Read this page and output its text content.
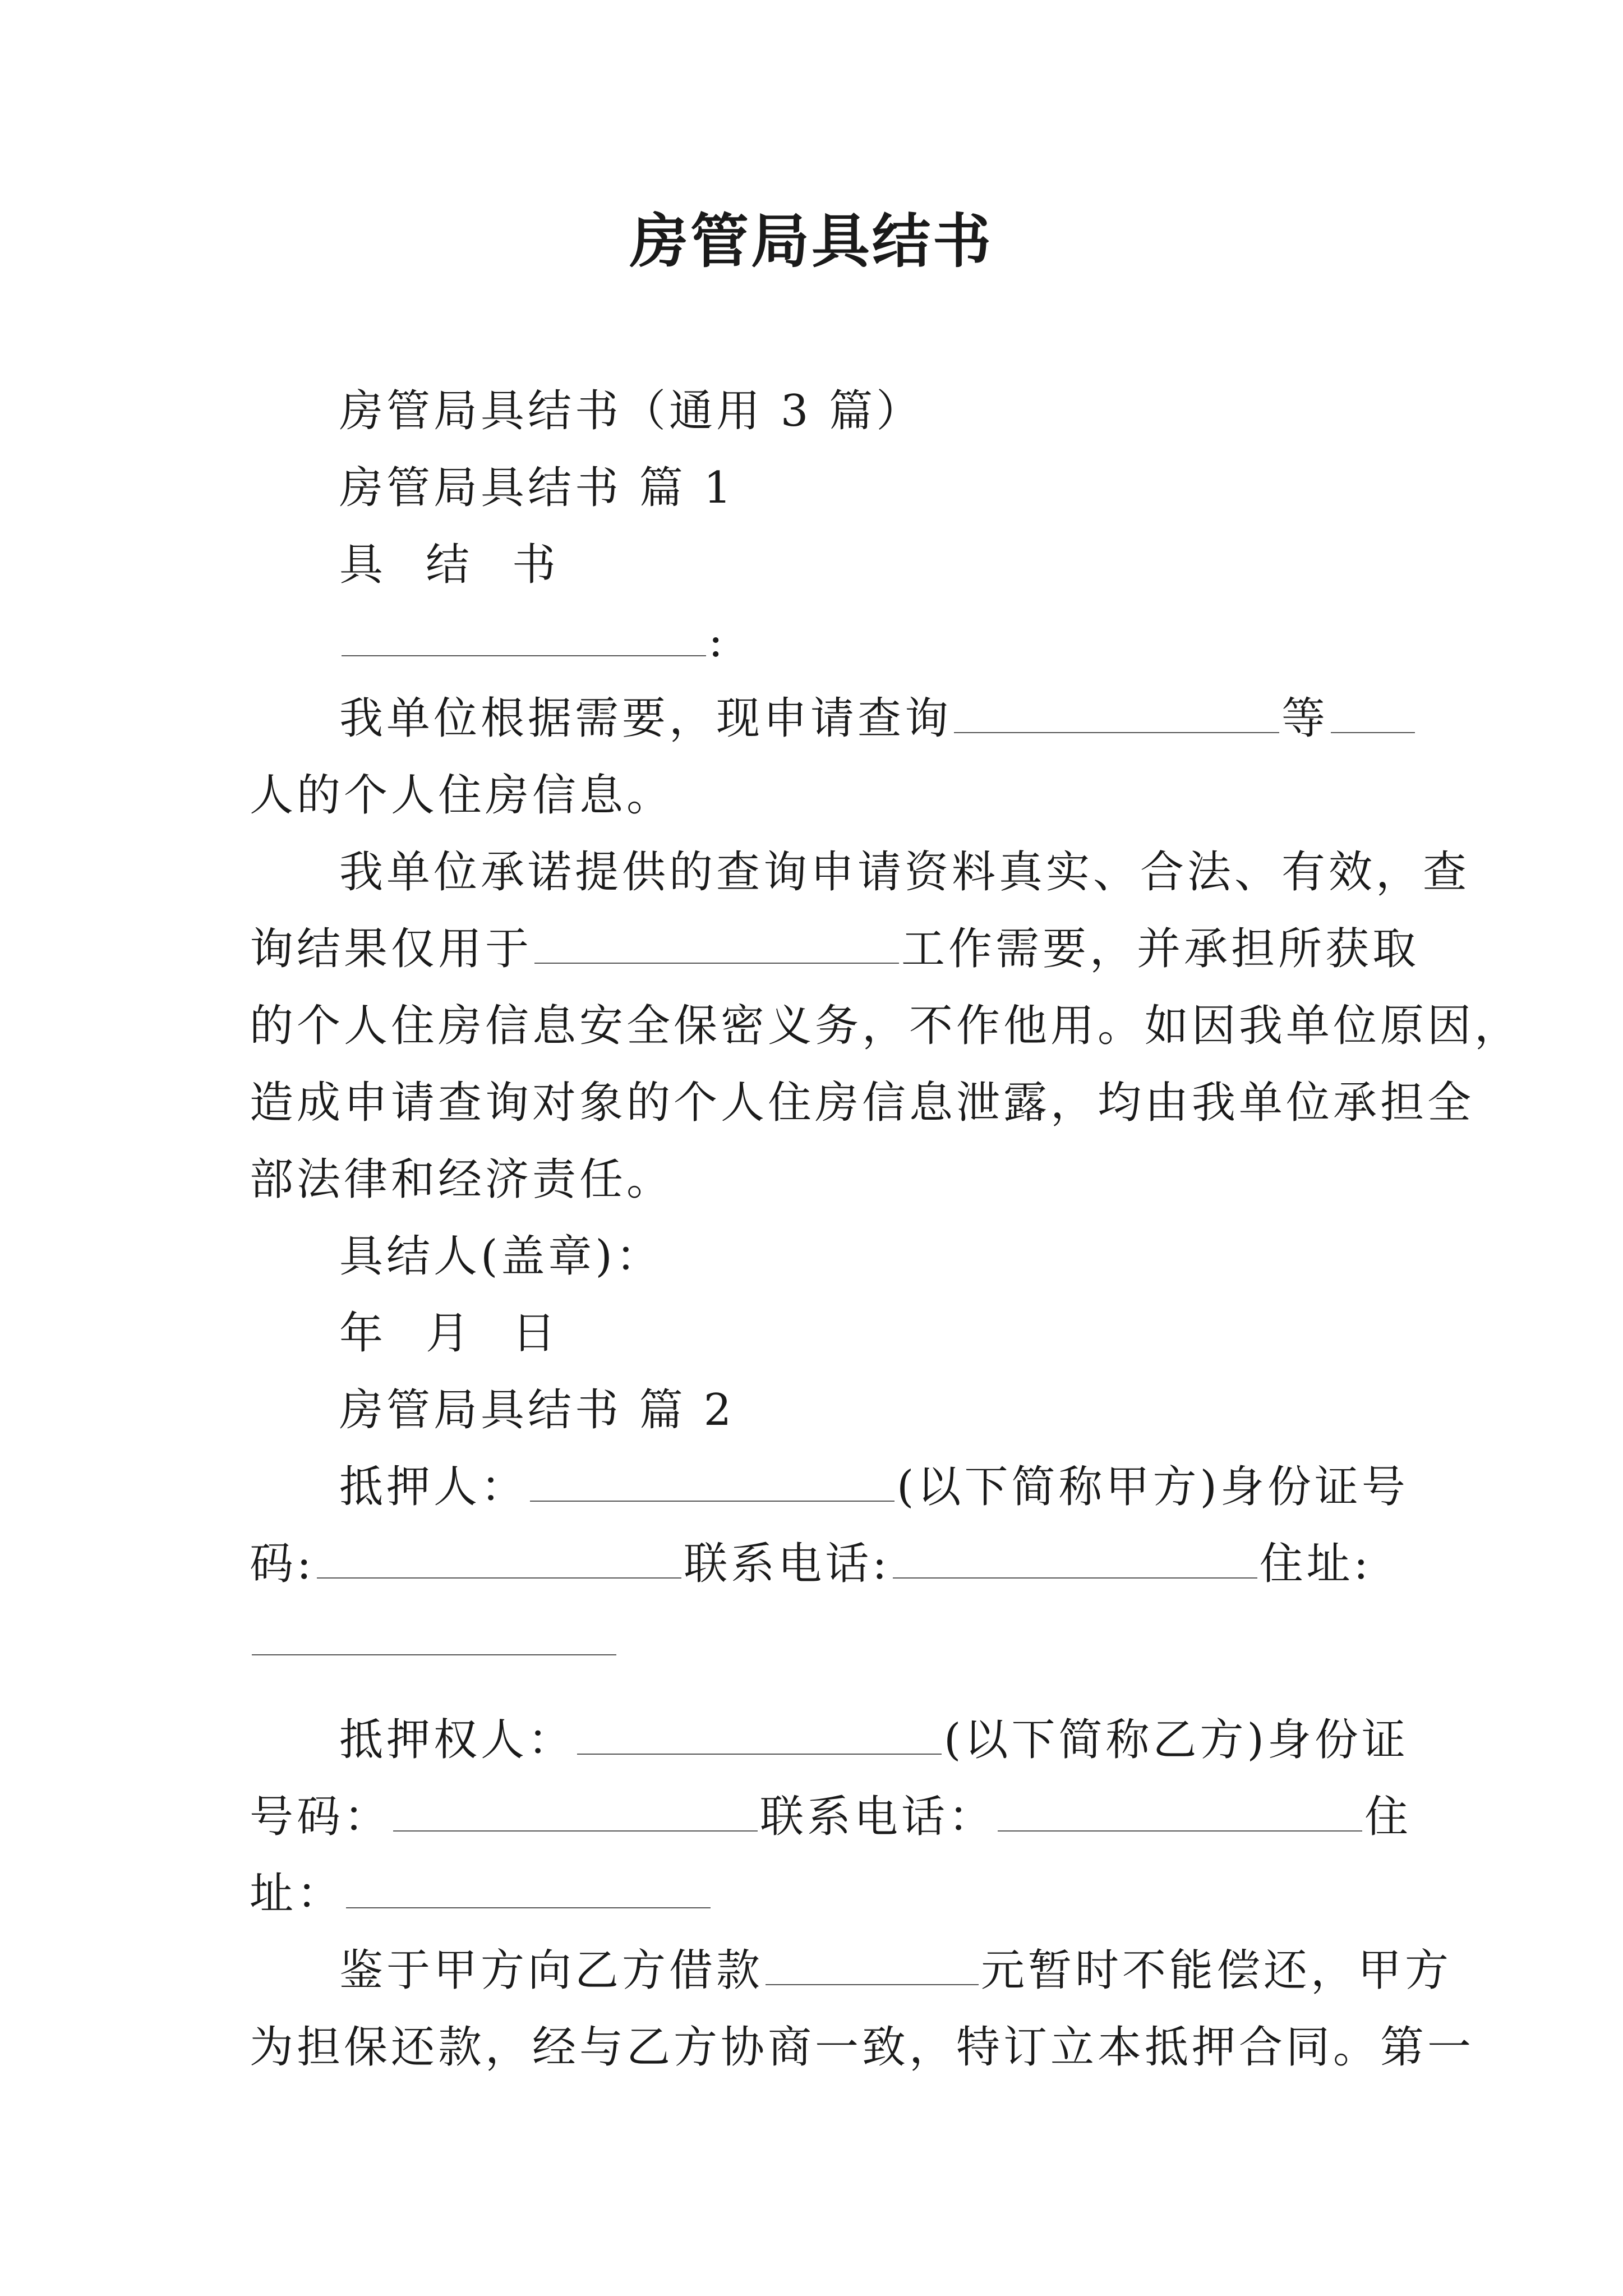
房管局具结书
房管局具结书（通用 3 篇）
房管局具结书 篇 1
具 结 书
:
我单位根据需要，现申请查询	等
人的个人住房信息。
我单位承诺提供的查询申请资料真实、合法、有效，查
询结果仅用于	工作需要，并承担所获取
的个人住房信息安全保密义务，不作他用。如因我单位原因，
造成申请查询对象的个人住房信息泄露，均由我单位承担全
部法律和经济责任。
具结人(盖章)：
年 月 日
房管局具结书 篇 2
抵押人：	(以下简称甲方)身份证号
码:	联系电话:	住址:
抵押权人：	(以下简称乙方)身份证
号码：	联系电话：	住
址：
鉴于甲方向乙方借款	元暂时不能偿还，甲方
为担保还款，经与乙方协商一致，特订立本抵押合同。第一
